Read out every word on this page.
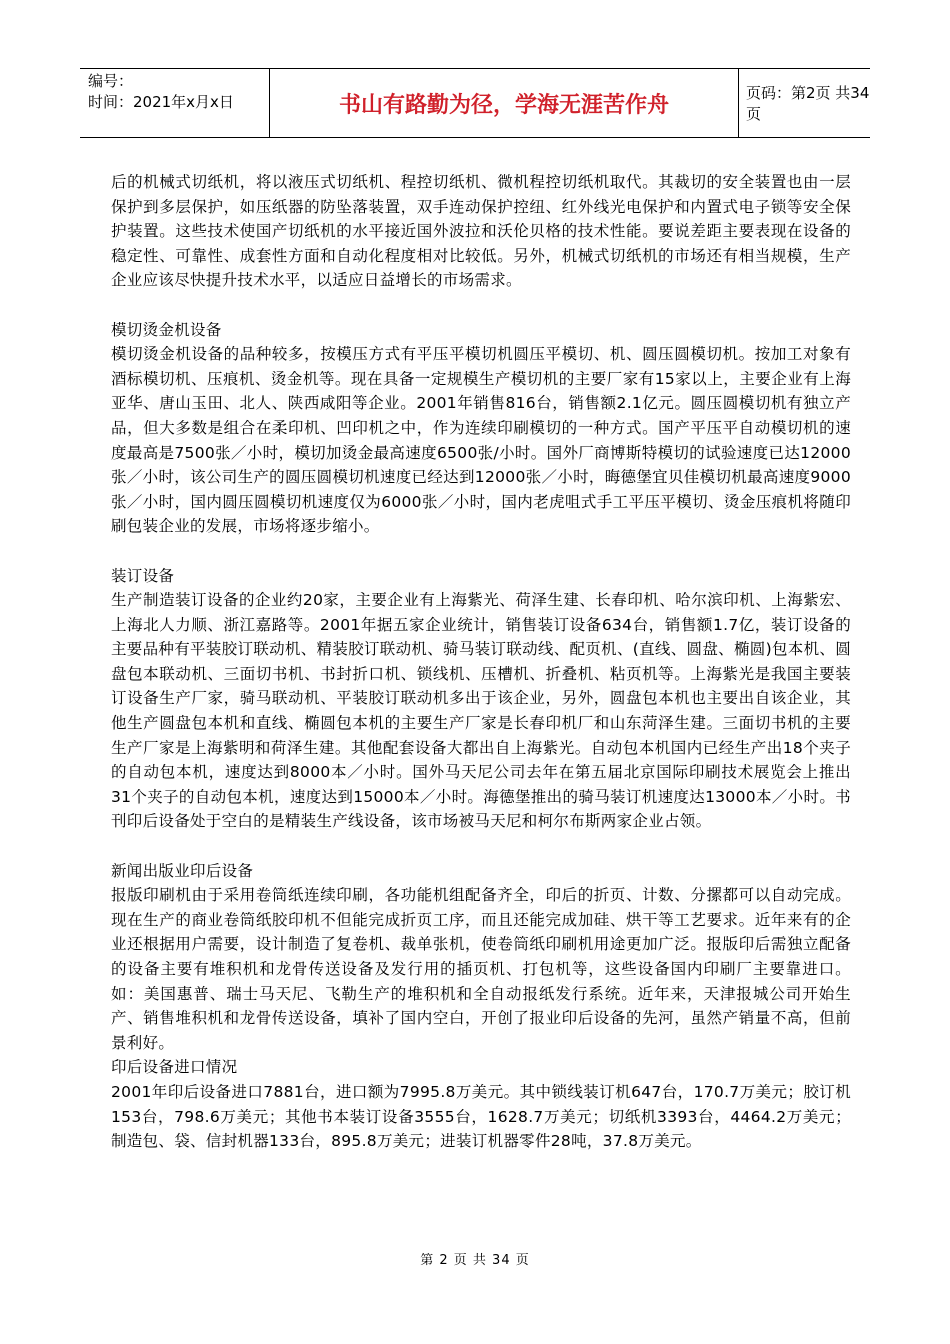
编号：
时间：2021年x月x日	书山有路勤为径，学海无涯苦作舟	页码：第2页 共34页

后的机械式切纸机，将以液压式切纸机、程控切纸机、微机程控切纸机取代。其裁切的安全装置也由一层保护到多层保护，如压纸器的防坠落装置，双手连动保护控纽、红外线光电保护和内置式电子锁等安全保护装置。这些技术使国产切纸机的水平接近国外波拉和沃伦贝格的技术性能。要说差距主要表现在设备的稳定性、可靠性、成套性方面和自动化程度相对比较低。另外，机械式切纸机的市场还有相当规模，生产企业应该尽快提升技术水平，以适应日益增长的市场需求。

模切烫金机设备

模切烫金机设备的品种较多，按模压方式有平压平模切机圆压平模切、机、圆压圆模切机。按加工对象有酒标模切机、压痕机、烫金机等。现在具备一定规模生产模切机的主要厂家有15家以上，主要企业有上海亚华、唐山玉田、北人、陕西咸阳等企业。2001年销售816台，销售额2.1亿元。圆压圆模切机有独立产品，但大多数是组合在柔印机、凹印机之中，作为连续印刷模切的一种方式。国产平压平自动模切机的速度最高是7500张／小时，模切加烫金最高速度6500张/小时。国外厂商博斯特模切的试验速度已达12000张／小时，该公司生产的圆压圆模切机速度已经达到12000张／小时，晦德堡宜贝佳模切机最高速度9000张／小时，国内圆压圆模切机速度仅为6000张／小时，国内老虎咀式手工平压平模切、烫金压痕机将随印刷包装企业的发展，市场将逐步缩小。

装订设备

生产制造装订设备的企业约20家，主要企业有上海紫光、荷泽生建、长春印机、哈尔滨印机、上海紫宏、上海北人力顺、浙江嘉路等。2001年据五家企业统计，销售装订设备634台，销售额1.7亿，装订设备的主要品种有平装胶订联动机、精装胶订联动机、骑马装订联动线、配页机、(直线、圆盘、椭圆)包本机、圆盘包本联动机、三面切书机、书封折口机、锁线机、压槽机、折叠机、粘页机等。上海紫光是我国主要装订设备生产厂家，骑马联动机、平装胶订联动机多出于该企业，另外，圆盘包本机也主要出自该企业，其他生产圆盘包本机和直线、椭圆包本机的主要生产厂家是长春印机厂和山东菏泽生建。三面切书机的主要生产厂家是上海紫明和荷泽生建。其他配套设备大都出自上海紫光。自动包本机国内已经生产出18个夹子的自动包本机，速度达到8000本／小时。国外马天尼公司去年在第五届北京国际印刷技术展览会上推出31个夹子的自动包本机，速度达到15000本／小时。海德堡推出的骑马装订机速度达13000本／小时。书刊印后设备处于空白的是精装生产线设备，该市场被马天尼和柯尔布斯两家企业占领。

新闻出版业印后设备

报版印刷机由于采用卷筒纸连续印刷，各功能机组配备齐全，印后的折页、计数、分摞都可以自动完成。现在生产的商业卷筒纸胶印机不但能完成折页工序，而且还能完成加硅、烘干等工艺要求。近年来有的企业还根据用户需要，设计制造了复卷机、裁单张机，使卷筒纸印刷机用途更加广泛。报版印后需独立配备的设备主要有堆积机和龙骨传送设备及发行用的插页机、打包机等，这些设备国内印刷厂主要靠进口。如：美国惠普、瑞士马天尼、飞勒生产的堆积机和全自动报纸发行系统。近年来，天津报城公司开始生产、销售堆积机和龙骨传送设备，填补了国内空白，开创了报业印后设备的先河，虽然产销量不高，但前景利好。

印后设备进口情况

2001年印后设备进口7881台，进口额为7995.8万美元。其中锁线装订机647台，170.7万美元；胶订机153台，798.6万美元；其他书本装订设备3555台，1628.7万美元；切纸机3393台，4464.2万美元；制造包、袋、信封机器133台，895.8万美元；进装订机器零件28吨，37.8万美元。

第 2 页 共 34 页
